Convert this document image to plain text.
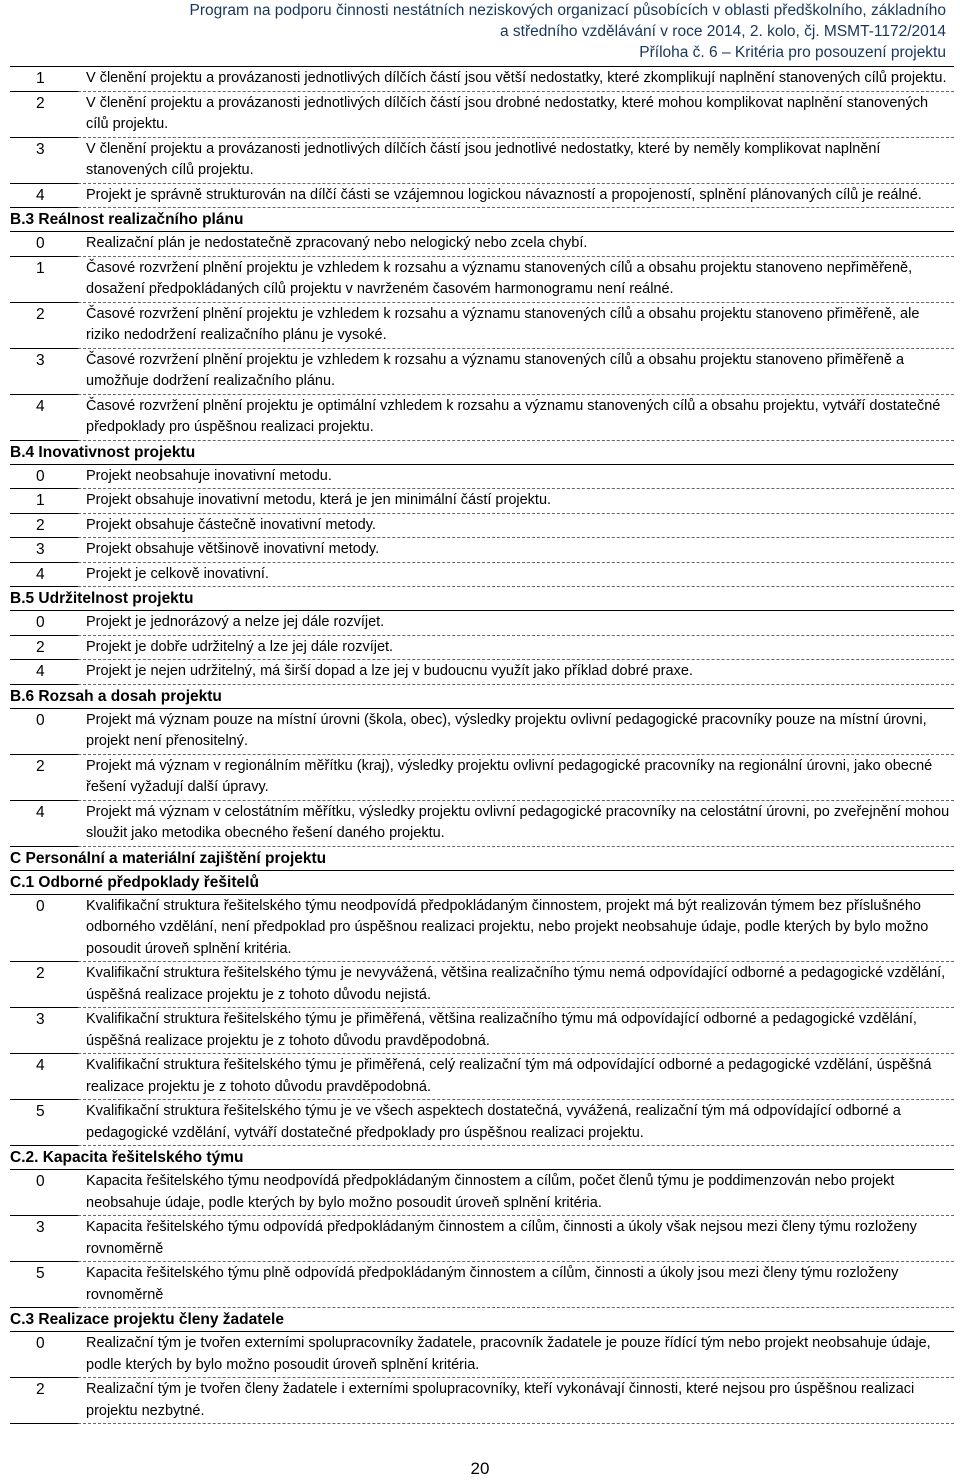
Program na podporu činnosti nestátních neziskových organizací působících v oblasti předškolního, základního
a středního vzdělávání v roce 2014, 2. kolo, čj. MSMT-1172/2014
Příloha č. 6 – Kritéria pro posouzení projektu
1	V členění projektu a provázanosti jednotlivých dílčích částí jsou větší nedostatky, které zkomplikují naplnění stanovených cílů projektu.
2	V členění projektu a provázanosti jednotlivých dílčích částí jsou drobné nedostatky, které mohou komplikovat naplnění stanovených cílů projektu.
3	V členění projektu a provázanosti jednotlivých dílčích částí jsou jednotlivé nedostatky, které by neměly komplikovat naplnění stanovených cílů projektu.
4	Projekt je správně strukturován na dílčí části se vzájemnou logickou návazností a propojeností, splnění plánovaných cílů je reálné.
B.3 Reálnost realizačního plánu	
0	Realizační plán je nedostatečně zpracovaný nebo nelogický nebo zcela chybí.
1	Časové rozvržení plnění projektu je vzhledem k rozsahu a významu stanovených cílů a obsahu projektu stanoveno nepřiměřeně, dosažení předpokládaných cílů projektu v navrženém časovém harmonogramu není reálné.
2	Časové rozvržení plnění projektu je vzhledem k rozsahu a významu stanovených cílů a obsahu projektu stanoveno přiměřeně, ale riziko nedodržení realizačního plánu je vysoké.
3	Časové rozvržení plnění projektu je vzhledem k rozsahu a významu stanovených cílů a obsahu projektu stanoveno přiměřeně a umožňuje dodržení realizačního plánu.
4	Časové rozvržení plnění projektu je optimální vzhledem k rozsahu a významu stanovených cílů a obsahu projektu, vytváří dostatečné předpoklady pro úspěšnou realizaci projektu.
B.4 Inovativnost projektu	
0	Projekt neobsahuje inovativní metodu.
1	Projekt obsahuje inovativní metodu, která je jen minimální částí projektu.
2	Projekt obsahuje částečně inovativní metody.
3	Projekt obsahuje většinově inovativní metody.
4	Projekt je celkově inovativní.
B.5 Udržitelnost projektu	
0	Projekt je jednorázový a nelze jej dále rozvíjet.
2	Projekt je dobře udržitelný a lze jej dále rozvíjet.
4	Projekt je nejen udržitelný, má širší dopad a lze jej v budoucnu využít jako příklad dobré praxe.
B.6 Rozsah a dosah projektu	
0	Projekt má význam pouze na místní úrovni (škola, obec), výsledky projektu ovlivní pedagogické pracovníky pouze na místní úrovni, projekt není přenositelný.
2	Projekt má význam v regionálním měřítku (kraj), výsledky projektu ovlivní pedagogické pracovníky na regionální úrovni, jako obecné řešení vyžadují další úpravy.
4	Projekt má význam v celostátním měřítku, výsledky projektu ovlivní pedagogické pracovníky na celostátní úrovni, po zveřejnění mohou sloužit jako metodika obecného řešení daného projektu.
C Personální a materiální zajištění projektu	
C.1 Odborné předpoklady řešitelů	
0	Kvalifikační struktura řešitelského týmu neodpovídá předpokládaným činnostem, projekt má být realizován týmem bez příslušného odborného vzdělání, není předpoklad pro úspěšnou realizaci projektu, nebo projekt neobsahuje údaje, podle kterých by bylo možno posoudit úroveň splnění kritéria.
2	Kvalifikační struktura řešitelského týmu je nevyvážená, většina realizačního týmu nemá odpovídající odborné a pedagogické vzdělání, úspěšná realizace projektu je z tohoto důvodu nejistá.
3	Kvalifikační struktura řešitelského týmu je přiměřená, většina realizačního týmu má odpovídající odborné a pedagogické vzdělání, úspěšná realizace projektu je z tohoto důvodu pravděpodobná.
4	Kvalifikační struktura řešitelského týmu je přiměřená, celý realizační tým má odpovídající odborné a pedagogické vzdělání, úspěšná realizace projektu je z tohoto důvodu pravděpodobná.
5	Kvalifikační struktura řešitelského týmu je ve všech aspektech dostatečná, vyvážená, realizační tým má odpovídající odborné a pedagogické vzdělání, vytváří dostatečné předpoklady pro úspěšnou realizaci projektu.
C.2. Kapacita řešitelského týmu	
0	Kapacita řešitelského týmu neodpovídá předpokládaným činnostem a cílům, počet členů týmu je poddimenzován nebo projekt neobsahuje údaje, podle kterých by bylo možno posoudit úroveň splnění kritéria.
3	Kapacita řešitelského týmu odpovídá předpokládaným činnostem a cílům, činnosti a úkoly však nejsou mezi členy týmu rozloženy rovnoměrně
5	Kapacita řešitelského týmu plně odpovídá předpokládaným činnostem a cílům, činnosti a úkoly jsou mezi členy týmu rozloženy rovnoměrně
C.3 Realizace projektu členy žadatele	
0	Realizační tým je tvořen externími spolupracovníky žadatele, pracovník žadatele je pouze řídící tým nebo projekt neobsahuje údaje, podle kterých by bylo možno posoudit úroveň splnění kritéria.
2	Realizační tým je tvořen členy žadatele i externími spolupracovníky, kteří vykonávají činnosti, které nejsou pro úspěšnou realizaci projektu nezbytné.
20
